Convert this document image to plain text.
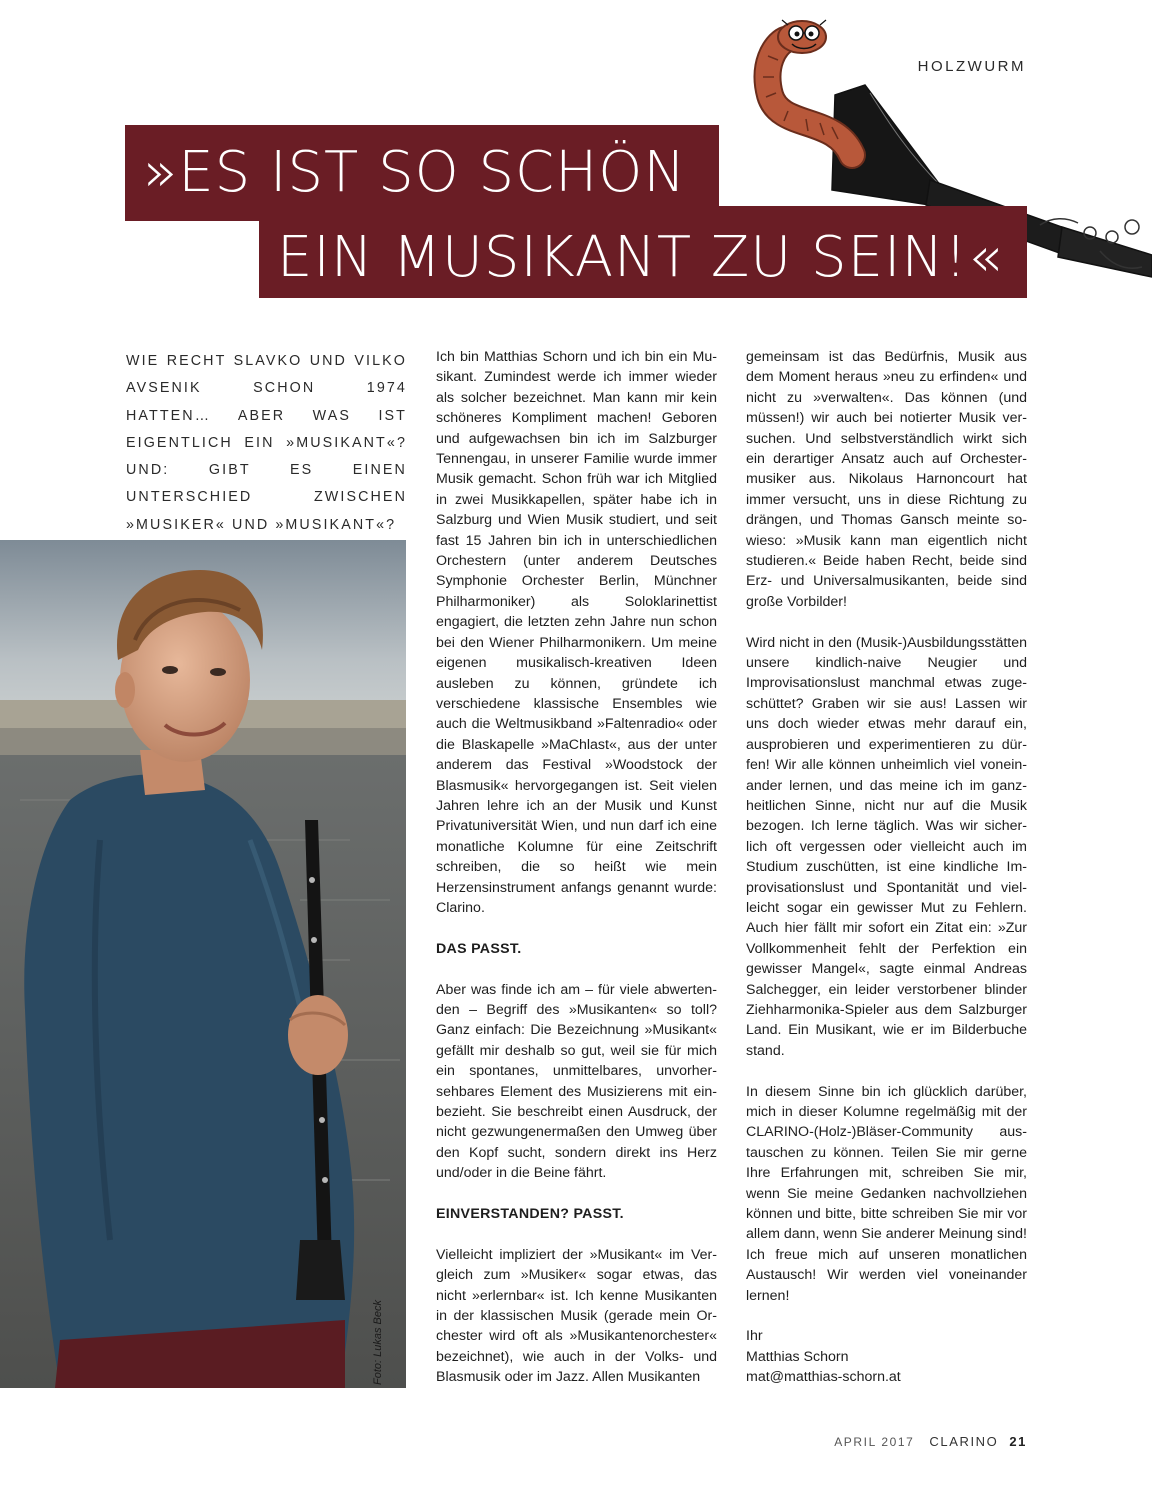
HOLZWURM
»ES IST SO SCHÖN
EIN MUSIKANT ZU SEIN!«
WIE RECHT SLAVKO UND VILKO AVSENIK SCHON 1974 HATTEN… ABER WAS IST EIGENTLICH EIN »MUSIKANT«? UND: GIBT ES EINEN UNTERSCHIED ZWISCHEN »MUSIKER« UND »MUSIKANT«?
Foto: Lukas Beck

Ich bin Matthias Schorn und ich bin ein Musikant. Zumindest werde ich immer wieder als solcher bezeichnet. Man kann mir kein schöneres Kompliment machen! Geboren und aufgewachsen bin ich im Salzburger Tennengau, in unserer Familie wurde immer Musik gemacht. Schon früh war ich Mitglied in zwei Musikkapellen, später habe ich in Salzburg und Wien Musik studiert, und seit fast 15 Jahren bin ich in unterschiedlichen Orchestern (unter anderem Deutsches Symphonie Orchester Berlin, Münchner Philharmoniker) als Soloklarinettist engagiert, die letzten zehn Jahre nun schon bei den Wiener Philharmonikern. Um meine eigenen musikalisch-kreativen Ideen ausleben zu können, gründete ich verschiedene klassische Ensembles wie auch die Weltmusikband »Faltenradio« oder die Blaskapelle »MaChlast«, aus der unter anderem das Festival »Woodstock der Blasmusik« hervorgegangen ist. Seit vielen Jahren lehre ich an der Musik und Kunst Privatuniversität Wien, und nun darf ich eine monatliche Kolumne für eine Zeitschrift schreiben, die so heißt wie mein Herzensinstrument anfangs genannt wurde: Clarino.

DAS PASST.

Aber was finde ich am – für viele abwertenden – Begriff des »Musikanten« so toll? Ganz einfach: Die Bezeichnung »Musikant« gefällt mir deshalb so gut, weil sie für mich ein spontanes, unmittelbares, unvorhersehbares Element des Musizierens mit einbezieht. Sie beschreibt einen Ausdruck, der nicht gezwungenermaßen den Umweg über den Kopf sucht, sondern direkt ins Herz und/oder in die Beine fährt.

EINVERSTANDEN? PASST.

Vielleicht impliziert der »Musikant« im Vergleich zum »Musiker« sogar etwas, das nicht »erlernbar« ist. Ich kenne Musikanten in der klassischen Musik (gerade mein Orchester wird oft als »Musikantenorchester« bezeichnet), wie auch in der Volks- und Blasmusik oder im Jazz. Allen Musikanten

gemeinsam ist das Bedürfnis, Musik aus dem Moment heraus »neu zu erfinden« und nicht zu »verwalten«. Das können (und müssen!) wir auch bei notierter Musik versuchen. Und selbstverständlich wirkt sich ein derartiger Ansatz auch auf Orchestermusiker aus. Nikolaus Harnoncourt hat immer versucht, uns in diese Richtung zu drängen, und Thomas Gansch meinte sowieso: »Musik kann man eigentlich nicht studieren.« Beide haben Recht, beide sind Erz- und Universalmusikanten, beide sind große Vorbilder!

Wird nicht in den (Musik-)Ausbildungsstätten unsere kindlich-naive Neugier und Improvisationslust manchmal etwas zugeschüttet? Graben wir sie aus! Lassen wir uns doch wieder etwas mehr darauf ein, ausprobieren und experimentieren zu dürfen! Wir alle können unheimlich viel voneinander lernen, und das meine ich im ganzheitlichen Sinne, nicht nur auf die Musik bezogen. Ich lerne täglich. Was wir sicherlich oft vergessen oder vielleicht auch im Studium zuschütten, ist eine kindliche Improvisationslust und Spontanität und vielleicht sogar ein gewisser Mut zu Fehlern. Auch hier fällt mir sofort ein Zitat ein: »Zur Vollkommenheit fehlt der Perfektion ein gewisser Mangel«, sagte einmal Andreas Salchegger, ein leider verstorbener blinder Ziehharmonika-Spieler aus dem Salzburger Land. Ein Musikant, wie er im Bilderbuche stand.

In diesem Sinne bin ich glücklich darüber, mich in dieser Kolumne regelmäßig mit der CLARINO-(Holz-)Bläser-Community austauschen zu können. Teilen Sie mir gerne Ihre Erfahrungen mit, schreiben Sie mir, wenn Sie meine Gedanken nachvollziehen können und bitte, bitte schreiben Sie mir vor allem dann, wenn Sie anderer Meinung sind! Ich freue mich auf unseren monatlichen Austausch! Wir werden viel voneinander lernen!

Ihr
Matthias Schorn
mat@matthias-schorn.at

APRIL 2017 CLARINO 21
